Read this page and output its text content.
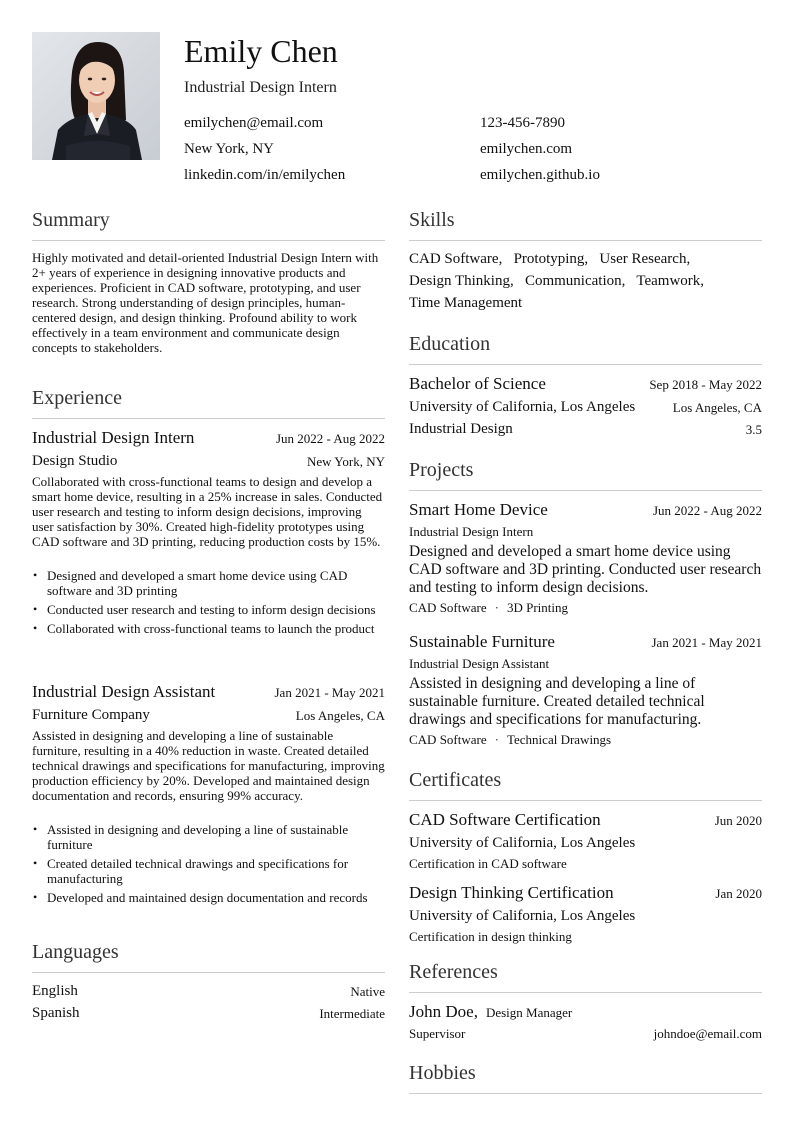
Emily Chen
Industrial Design Intern
emilychen@email.com	123-456-7890
New York, NY	emilychen.com
linkedin.com/in/emilychen	emilychen.github.io
Summary
Highly motivated and detail-oriented Industrial Design Intern with 2+ years of experience in designing innovative products and experiences. Proficient in CAD software, prototyping, and user research. Strong understanding of design principles, human-centered design, and design thinking. Profound ability to work effectively in a team environment and communicate design concepts to stakeholders.
Experience
Industrial Design Intern	Jun 2022 - Aug 2022
Design Studio	New York, NY
Collaborated with cross-functional teams to design and develop a smart home device, resulting in a 25% increase in sales. Conducted user research and testing to inform design decisions, improving user satisfaction by 30%. Created high-fidelity prototypes using CAD software and 3D printing, reducing production costs by 15%.
• Designed and developed a smart home device using CAD software and 3D printing
• Conducted user research and testing to inform design decisions
• Collaborated with cross-functional teams to launch the product
Industrial Design Assistant	Jan 2021 - May 2021
Furniture Company	Los Angeles, CA
Assisted in designing and developing a line of sustainable furniture, resulting in a 40% reduction in waste. Created detailed technical drawings and specifications for manufacturing, improving production efficiency by 20%. Developed and maintained design documentation and records, ensuring 99% accuracy.
• Assisted in designing and developing a line of sustainable furniture
• Created detailed technical drawings and specifications for manufacturing
• Developed and maintained design documentation and records
Languages
English	Native
Spanish	Intermediate
Skills
CAD Software,   Prototyping,   User Research,
Design Thinking,   Communication,   Teamwork,
Time Management
Education
Bachelor of Science	Sep 2018 - May 2022
University of California, Los Angeles	Los Angeles, CA
Industrial Design	3.5
Projects
Smart Home Device	Jun 2022 - Aug 2022
Industrial Design Intern
Designed and developed a smart home device using CAD software and 3D printing. Conducted user research and testing to inform design decisions.
CAD Software · 3D Printing
Sustainable Furniture	Jan 2021 - May 2021
Industrial Design Assistant
Assisted in designing and developing a line of sustainable furniture. Created detailed technical drawings and specifications for manufacturing.
CAD Software · Technical Drawings
Certificates
CAD Software Certification	Jun 2020
University of California, Los Angeles
Certification in CAD software
Design Thinking Certification	Jan 2020
University of California, Los Angeles
Certification in design thinking
References
John Doe, Design Manager
Supervisor	johndoe@email.com
Hobbies
